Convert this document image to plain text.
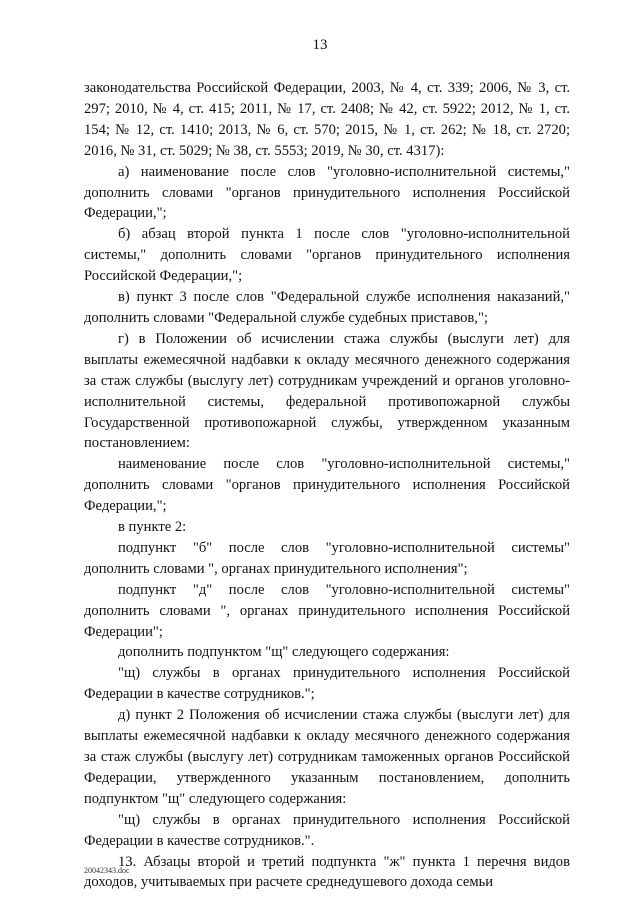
13

законодательства Российской Федерации, 2003, № 4, ст. 339; 2006, № 3, ст. 297; 2010, № 4, ст. 415; 2011, № 17, ст. 2408; № 42, ст. 5922; 2012, № 1, ст. 154; № 12, ст. 1410; 2013, № 6, ст. 570; 2015, № 1, ст. 262; № 18, ст. 2720; 2016, № 31, ст. 5029; № 38, ст. 5553; 2019, № 30, ст. 4317):

а) наименование после слов "уголовно-исполнительной системы," дополнить словами "органов принудительного исполнения Российской Федерации,";

б) абзац второй пункта 1 после слов "уголовно-исполнительной системы," дополнить словами "органов принудительного исполнения Российской Федерации,";

в) пункт 3 после слов "Федеральной службе исполнения наказаний," дополнить словами "Федеральной службе судебных приставов,";

г) в Положении об исчислении стажа службы (выслуги лет) для выплаты ежемесячной надбавки к окладу месячного денежного содержания за стаж службы (выслугу лет) сотрудникам учреждений и органов уголовно-исполнительной системы, федеральной противопожарной службы Государственной противопожарной службы, утвержденном указанным постановлением:

наименование после слов "уголовно-исполнительной системы," дополнить словами "органов принудительного исполнения Российской Федерации,";

в пункте 2:

подпункт "б" после слов "уголовно-исполнительной системы" дополнить словами ", органах принудительного исполнения";

подпункт "д" после слов "уголовно-исполнительной системы" дополнить словами ", органах принудительного исполнения Российской Федерации";

дополнить подпунктом "щ" следующего содержания:

"щ) службы в органах принудительного исполнения Российской Федерации в качестве сотрудников.";

д) пункт 2 Положения об исчислении стажа службы (выслуги лет) для выплаты ежемесячной надбавки к окладу месячного денежного содержания за стаж службы (выслугу лет) сотрудникам таможенных органов Российской Федерации, утвержденного указанным постановлением, дополнить подпунктом "щ" следующего содержания:

"щ) службы в органах принудительного исполнения Российской Федерации в качестве сотрудников.".

13. Абзацы второй и третий подпункта "ж" пункта 1 перечня видов доходов, учитываемых при расчете среднедушевого дохода семьи

20042343.doc
